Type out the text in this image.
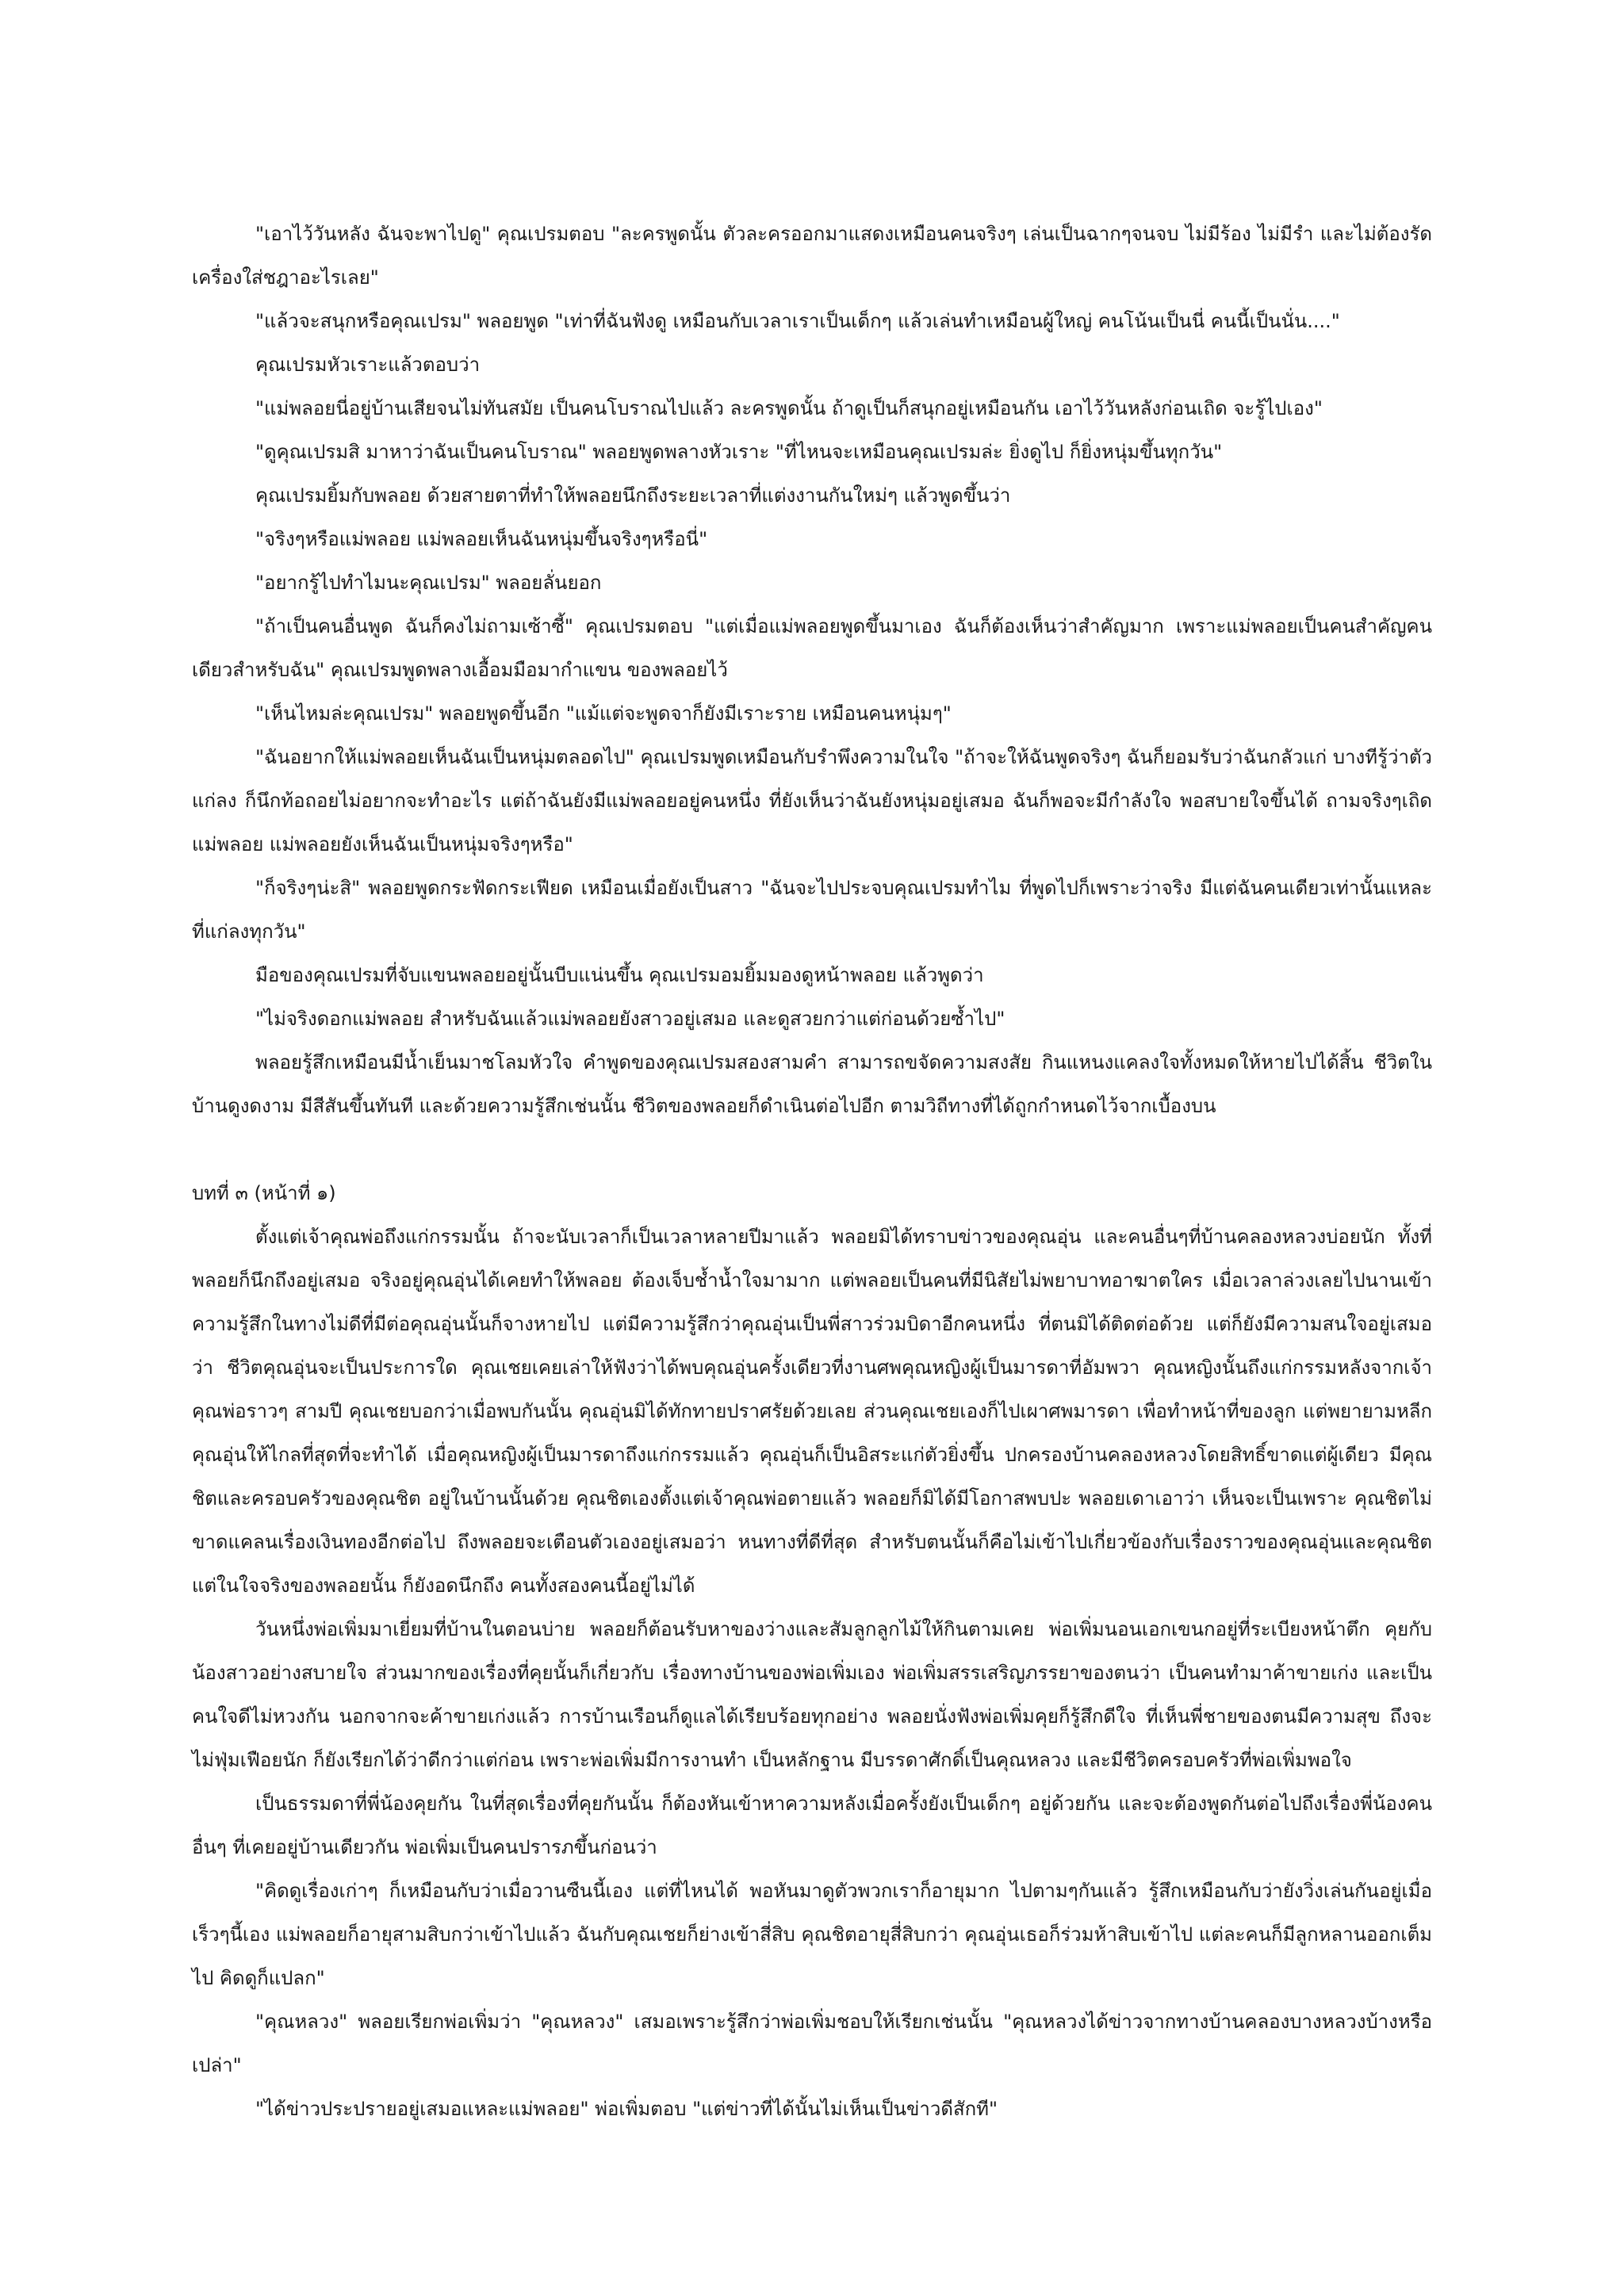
"เอาไว้วันหลัง ฉันจะพาไปดู" คุณเปรมตอบ "ละครพูดนั้น ตัวละครออกมาแสดงเหมือนคนจริงๆ เล่นเป็นฉากๆจนจบ ไม่มีร้อง ไม่มีรำ และไม่ต้องรัดเครื่องใส่ชฎาอะไรเลย"

"แล้วจะสนุกหรือคุณเปรม" พลอยพูด "เท่าที่ฉันฟังดู เหมือนกับเวลาเราเป็นเด็กๆ แล้วเล่นทำเหมือนผู้ใหญ่ คนโน้นเป็นนี่ คนนี้เป็นนั่น...."

คุณเปรมหัวเราะแล้วตอบว่า

"แม่พลอยนี่อยู่บ้านเสียจนไม่ทันสมัย เป็นคนโบราณไปแล้ว ละครพูดนั้น ถ้าดูเป็นก็สนุกอยู่เหมือนกัน เอาไว้วันหลังก่อนเถิด จะรู้ไปเอง"

"ดูคุณเปรมสิ มาหาว่าฉันเป็นคนโบราณ" พลอยพูดพลางหัวเราะ "ที่ไหนจะเหมือนคุณเปรมล่ะ ยิ่งดูไป ก็ยิ่งหนุ่มขึ้นทุกวัน"

คุณเปรมยิ้มกับพลอย ด้วยสายตาที่ทำให้พลอยนึกถึงระยะเวลาที่แต่งงานกันใหม่ๆ แล้วพูดขึ้นว่า

"จริงๆหรือแม่พลอย แม่พลอยเห็นฉันหนุ่มขึ้นจริงๆหรือนี่"

"อยากรู้ไปทำไมนะคุณเปรม" พลอยลั่นยอก

"ถ้าเป็นคนอื่นพูด ฉันก็คงไม่ถามเซ้าซี้" คุณเปรมตอบ "แต่เมื่อแม่พลอยพูดขึ้นมาเอง ฉันก็ต้องเห็นว่าสำคัญมาก เพราะแม่พลอยเป็นคนสำคัญคนเดียวสำหรับฉัน" คุณเปรมพูดพลางเอื้อมมือมากำแขน ของพลอยไว้

"เห็นไหมล่ะคุณเปรม" พลอยพูดขึ้นอีก "แม้แต่จะพูดจาก็ยังมีเราะราย เหมือนคนหนุ่มๆ"

"ฉันอยากให้แม่พลอยเห็นฉันเป็นหนุ่มตลอดไป" คุณเปรมพูดเหมือนกับรำพึงความในใจ "ถ้าจะให้ฉันพูดจริงๆ ฉันก็ยอมรับว่าฉันกลัวแก่ บางทีรู้ว่าตัวแก่ลง ก็นึกท้อถอยไม่อยากจะทำอะไร แต่ถ้าฉันยังมีแม่พลอยอยู่คนหนึ่ง ที่ยังเห็นว่าฉันยังหนุ่มอยู่เสมอ ฉันก็พอจะมีกำลังใจ พอสบายใจขึ้นได้ ถามจริงๆเถิดแม่พลอย แม่พลอยยังเห็นฉันเป็นหนุ่มจริงๆหรือ"

"ก็จริงๆน่ะสิ" พลอยพูดกระฟัดกระเฟียด เหมือนเมื่อยังเป็นสาว "ฉันจะไปประจบคุณเปรมทำไม ที่พูดไปก็เพราะว่าจริง มีแต่ฉันคนเดียวเท่านั้นแหละ ที่แก่ลงทุกวัน"

มือของคุณเปรมที่จับแขนพลอยอยู่นั้นบีบแน่นขึ้น คุณเปรมอมยิ้มมองดูหน้าพลอย แล้วพูดว่า

"ไม่จริงดอกแม่พลอย สำหรับฉันแล้วแม่พลอยยังสาวอยู่เสมอ และดูสวยกว่าแต่ก่อนด้วยซ้ำไป"

พลอยรู้สึกเหมือนมีน้ำเย็นมาชโลมหัวใจ คำพูดของคุณเปรมสองสามคำ สามารถขจัดความสงสัย กินแหนงแคลงใจทั้งหมดให้หายไปได้สิ้น ชีวิตในบ้านดูงดงาม มีสีสันขึ้นทันที และด้วยความรู้สึกเช่นนั้น ชีวิตของพลอยก็ดำเนินต่อไปอีก ตามวิถีทางที่ได้ถูกกำหนดไว้จากเบื้องบน

บทที่ ๓ (หน้าที่ ๑)

ตั้งแต่เจ้าคุณพ่อถึงแก่กรรมนั้น ถ้าจะนับเวลาก็เป็นเวลาหลายปีมาแล้ว พลอยมิได้ทราบข่าวของคุณอุ่น และคนอื่นๆที่บ้านคลองหลวงบ่อยนัก ทั้งที่พลอยก็นึกถึงอยู่เสมอ จริงอยู่คุณอุ่นได้เคยทำให้พลอย ต้องเจ็บช้ำน้ำใจมามาก แต่พลอยเป็นคนที่มีนิสัยไม่พยาบาทอาฆาตใคร เมื่อเวลาล่วงเลยไปนานเข้า ความรู้สึกในทางไม่ดีที่มีต่อคุณอุ่นนั้นก็จางหายไป แต่มีความรู้สึกว่าคุณอุ่นเป็นพี่สาวร่วมบิดาอีกคนหนึ่ง ที่ตนมิได้ติดต่อด้วย แต่ก็ยังมีความสนใจอยู่เสมอว่า ชีวิตคุณอุ่นจะเป็นประการใด คุณเชยเคยเล่าให้ฟังว่าได้พบคุณอุ่นครั้งเดียวที่งานศพคุณหญิงผู้เป็นมารดาที่อัมพวา คุณหญิงนั้นถึงแก่กรรมหลังจากเจ้าคุณพ่อราวๆ สามปี คุณเชยบอกว่าเมื่อพบกันนั้น คุณอุ่นมิได้ทักทายปราศรัยด้วยเลย ส่วนคุณเชยเองก็ไปเผาศพมารดา เพื่อทำหน้าที่ของลูก แต่พยายามหลีกคุณอุ่นให้ไกลที่สุดที่จะทำได้ เมื่อคุณหญิงผู้เป็นมารดาถึงแก่กรรมแล้ว คุณอุ่นก็เป็นอิสระแก่ตัวยิ่งขึ้น ปกครองบ้านคลองหลวงโดยสิทธิ์ขาดแต่ผู้เดียว มีคุณชิตและครอบครัวของคุณชิต อยู่ในบ้านนั้นด้วย คุณชิตเองตั้งแต่เจ้าคุณพ่อตายแล้ว พลอยก็มิได้มีโอกาสพบปะ พลอยเดาเอาว่า เห็นจะเป็นเพราะ คุณชิตไม่ขาดแคลนเรื่องเงินทองอีกต่อไป ถึงพลอยจะเตือนตัวเองอยู่เสมอว่า หนทางที่ดีที่สุด สำหรับตนนั้นก็คือไม่เข้าไปเกี่ยวข้องกับเรื่องราวของคุณอุ่นและคุณชิต แต่ในใจจริงของพลอยนั้น ก็ยังอดนึกถึง คนทั้งสองคนนี้อยู่ไม่ได้

วันหนึ่งพ่อเพิ่มมาเยี่ยมที่บ้านในตอนบ่าย พลอยก็ต้อนรับหาของว่างและสัมลูกลูกไม้ให้กินตามเคย พ่อเพิ่มนอนเอกเขนกอยู่ที่ระเบียงหน้าตึก คุยกับน้องสาวอย่างสบายใจ ส่วนมากของเรื่องที่คุยนั้นก็เกี่ยวกับ เรื่องทางบ้านของพ่อเพิ่มเอง พ่อเพิ่มสรรเสริญภรรยาของตนว่า เป็นคนทำมาค้าขายเก่ง และเป็นคนใจดีไม่หวงกัน นอกจากจะค้าขายเก่งแล้ว การบ้านเรือนก็ดูแลได้เรียบร้อยทุกอย่าง พลอยนั่งฟังพ่อเพิ่มคุยก็รู้สึกดีใจ ที่เห็นพี่ชายของตนมีความสุข ถึงจะไม่ฟุ่มเฟือยนัก ก็ยังเรียกได้ว่าดีกว่าแต่ก่อน เพราะพ่อเพิ่มมีการงานทำ เป็นหลักฐาน มีบรรดาศักดิ์เป็นคุณหลวง และมีชีวิตครอบครัวที่พ่อเพิ่มพอใจ

เป็นธรรมดาที่พี่น้องคุยกัน ในที่สุดเรื่องที่คุยกันนั้น ก็ต้องหันเข้าหาความหลังเมื่อครั้งยังเป็นเด็กๆ อยู่ด้วยกัน และจะต้องพูดกันต่อไปถึงเรื่องพี่น้องคนอื่นๆ ที่เคยอยู่บ้านเดียวกัน พ่อเพิ่มเป็นคนปรารภขึ้นก่อนว่า

"คิดดูเรื่องเก่าๆ ก็เหมือนกับว่าเมื่อวานซืนนี้เอง แต่ที่ไหนได้ พอหันมาดูตัวพวกเราก็อายุมาก ไปตามๆกันแล้ว รู้สึกเหมือนกับว่ายังวิ่งเล่นกันอยู่เมื่อเร็วๆนี้เอง แม่พลอยก็อายุสามสิบกว่าเข้าไปแล้ว ฉันกับคุณเชยก็ย่างเข้าสี่สิบ คุณชิตอายุสี่สิบกว่า คุณอุ่นเธอก็ร่วมห้าสิบเข้าไป แต่ละคนก็มีลูกหลานออกเต็มไป คิดดูก็แปลก"

"คุณหลวง" พลอยเรียกพ่อเพิ่มว่า "คุณหลวง" เสมอเพราะรู้สึกว่าพ่อเพิ่มชอบให้เรียกเช่นนั้น "คุณหลวงได้ข่าวจากทางบ้านคลองบางหลวงบ้างหรือเปล่า"

"ได้ข่าวประปรายอยู่เสมอแหละแม่พลอย" พ่อเพิ่มตอบ "แต่ข่าวที่ได้นั้นไม่เห็นเป็นข่าวดีสักที"
